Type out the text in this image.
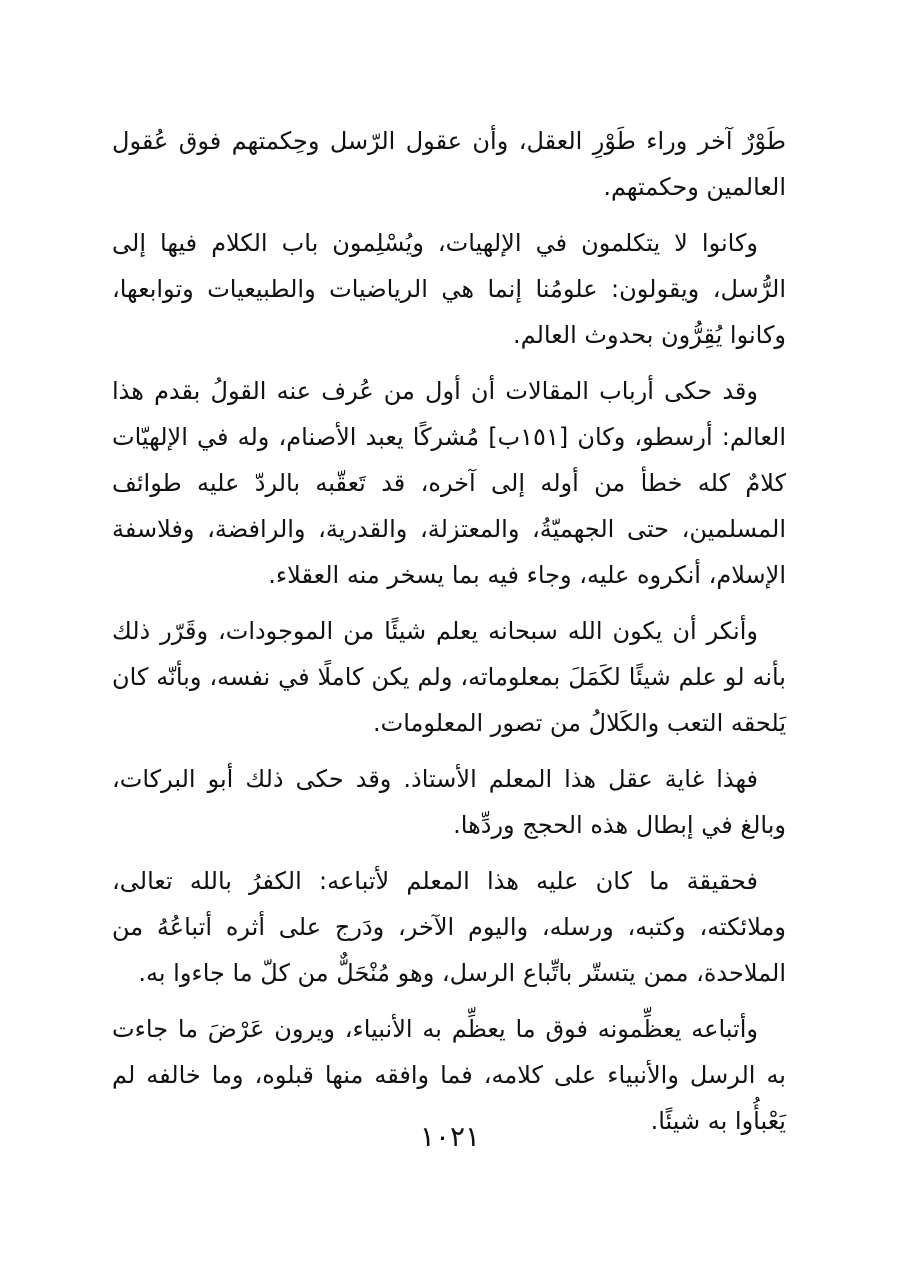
طَوْرٌ آخر وراء طَوْرِ العقل، وأن عقول الرّسل وحِكمتهم فوق عُقول العالمين وحكمتهم.

وكانوا لا يتكلمون في الإلهيات، ويُسْلِمون باب الكلام فيها إلى الرُّسل، ويقولون: علومُنا إنما هي الرياضيات والطبيعيات وتوابعها، وكانوا يُقِرُّون بحدوث العالم.

وقد حكى أرباب المقالات أن أول من عُرف عنه القولُ بقدم هذا العالم: أرسطو، وكان [١٥١ب] مُشركًا يعبد الأصنام، وله في الإلهيّات كلامٌ كله خطأ من أوله إلى آخره، قد تَعقّبه بالردّ عليه طوائف المسلمين، حتى الجهميّةُ، والمعتزلة، والقدرية، والرافضة، وفلاسفة الإسلام، أنكروه عليه، وجاء فيه بما يسخر منه العقلاء.

وأنكر أن يكون الله سبحانه يعلم شيئًا من الموجودات، وقَرّر ذلك بأنه لو علم شيئًا لكَمَلَ بمعلوماته، ولم يكن كاملًا في نفسه، وبأنّه كان يَلحقه التعب والكَلالُ من تصور المعلومات.

فهذا غاية عقل هذا المعلم الأستاذ. وقد حكى ذلك أبو البركات، وبالغ في إبطال هذه الحجج وردِّها.

فحقيقة ما كان عليه هذا المعلم لأتباعه: الكفرُ بالله تعالى، وملائكته، وكتبه، ورسله، واليوم الآخر، ودَرج على أثره أتباعُهُ من الملاحدة، ممن يتستّر باتِّباع الرسل، وهو مُنْحَلٌّ من كلّ ما جاءوا به.

وأتباعه يعظِّمونه فوق ما يعظِّم به الأنبياء، ويرون عَرْضَ ما جاءت به الرسل والأنبياء على كلامه، فما وافقه منها قبلوه، وما خالفه لم يَعْبأُوا به شيئًا.

١٠٢١
